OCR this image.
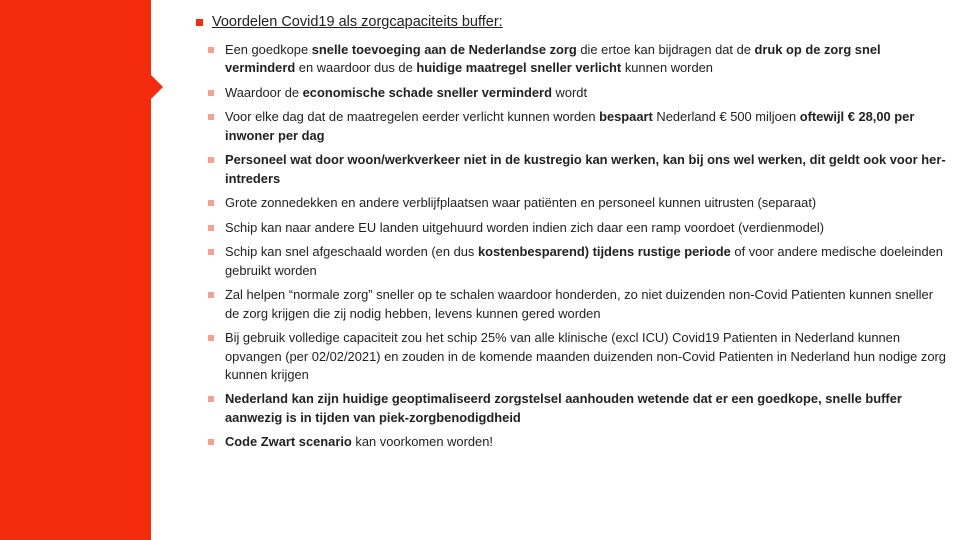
Voordelen Covid19 als zorgcapaciteits buffer:
Een goedkope snelle toevoeging aan de Nederlandse zorg die ertoe kan bijdragen dat de druk op de zorg snel verminderd en waardoor dus de huidige maatregel sneller verlicht kunnen worden
Waardoor de economische schade sneller verminderd wordt
Voor elke dag dat de maatregelen eerder verlicht kunnen worden bespaart Nederland € 500 miljoen oftewijl € 28,00 per inwoner per dag
Personeel wat door woon/werkverkeer niet in de kustregio kan werken, kan bij ons wel werken, dit geldt ook voor her-intreders
Grote zonnedekken en andere verblijfplaatsen waar patiënten en personeel kunnen uitrusten (separaat)
Schip kan naar andere EU landen uitgehuurd worden indien zich daar een ramp voordoet (verdienmodel)
Schip kan snel afgeschaald worden (en dus kostenbesparend) tijdens rustige periode of voor andere medische doeleinden gebruikt worden
Zal helpen “normale zorg” sneller op te schalen waardoor honderden, zo niet duizenden non-Covid Patienten kunnen sneller de zorg krijgen die zij nodig hebben, levens kunnen gered worden
Bij gebruik volledige capaciteit zou het schip 25% van alle klinische (excl ICU) Covid19 Patienten in Nederland kunnen opvangen (per 02/02/2021) en zouden in de komende maanden duizenden non-Covid Patienten in Nederland hun nodige zorg kunnen krijgen
Nederland kan zijn huidige geoptimaliseerd zorgstelsel aanhouden wetende dat er een goedkope, snelle buffer aanwezig is in tijden van piek-zorgbenodigdheid
Code Zwart scenario kan voorkomen worden!
